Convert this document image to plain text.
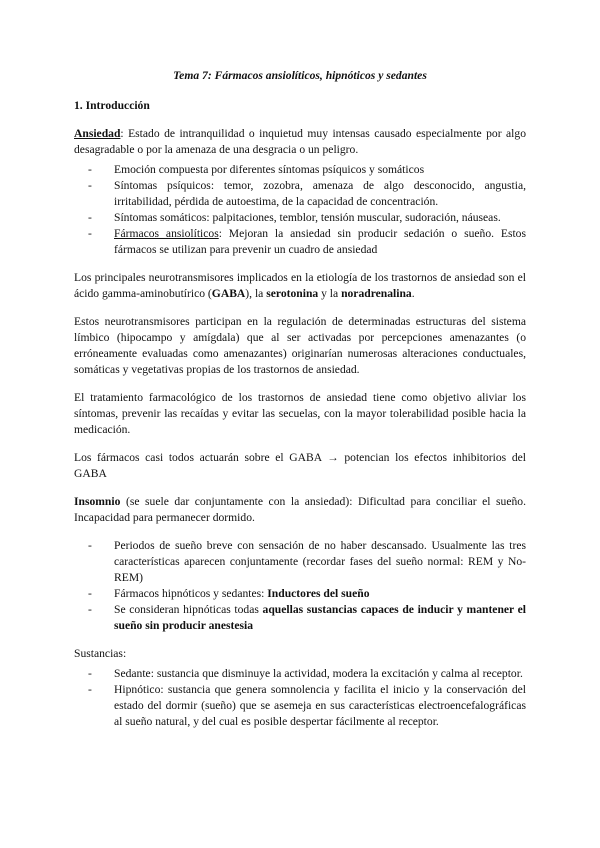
Tema 7: Fármacos ansiolíticos, hipnóticos y sedantes
1. Introducción

Ansiedad: Estado de intranquilidad o inquietud muy intensas causado especialmente por algo desagradable o por la amenaza de una desgracia o un peligro.

- Emoción compuesta por diferentes síntomas psíquicos y somáticos
- Síntomas psíquicos: temor, zozobra, amenaza de algo desconocido, angustia, irritabilidad, pérdida de autoestima, de la capacidad de concentración.
- Síntomas somáticos: palpitaciones, temblor, tensión muscular, sudoración, náuseas.
- Fármacos ansiolíticos: Mejoran la ansiedad sin producir sedación o sueño. Estos fármacos se utilizan para prevenir un cuadro de ansiedad

Los principales neurotransmisores implicados en la etiología de los trastornos de ansiedad son el ácido gamma-aminobutírico (GABA), la serotonina y la noradrenalina.

Estos neurotransmisores participan en la regulación de determinadas estructuras del sistema límbico (hipocampo y amígdala) que al ser activadas por percepciones amenazantes (o erróneamente evaluadas como amenazantes) originarían numerosas alteraciones conductuales, somáticas y vegetativas propias de los trastornos de ansiedad.

El tratamiento farmacológico de los trastornos de ansiedad tiene como objetivo aliviar los síntomas, prevenir las recaídas y evitar las secuelas, con la mayor tolerabilidad posible hacia la medicación.

Los fármacos casi todos actuarán sobre el GABA → potencian los efectos inhibitorios del GABA

Insomnio (se suele dar conjuntamente con la ansiedad): Dificultad para conciliar el sueño. Incapacidad para permanecer dormido.

- Periodos de sueño breve con sensación de no haber descansado. Usualmente las tres características aparecen conjuntamente (recordar fases del sueño normal: REM y No-REM)
- Fármacos hipnóticos y sedantes: Inductores del sueño
- Se consideran hipnóticas todas aquellas sustancias capaces de inducir y mantener el sueño sin producir anestesia

Sustancias:

- Sedante: sustancia que disminuye la actividad, modera la excitación y calma al receptor.
- Hipnótico: sustancia que genera somnolencia y facilita el inicio y la conservación del estado del dormir (sueño) que se asemeja en sus características electroencefalográficas al sueño natural, y del cual es posible despertar fácilmente al receptor.
